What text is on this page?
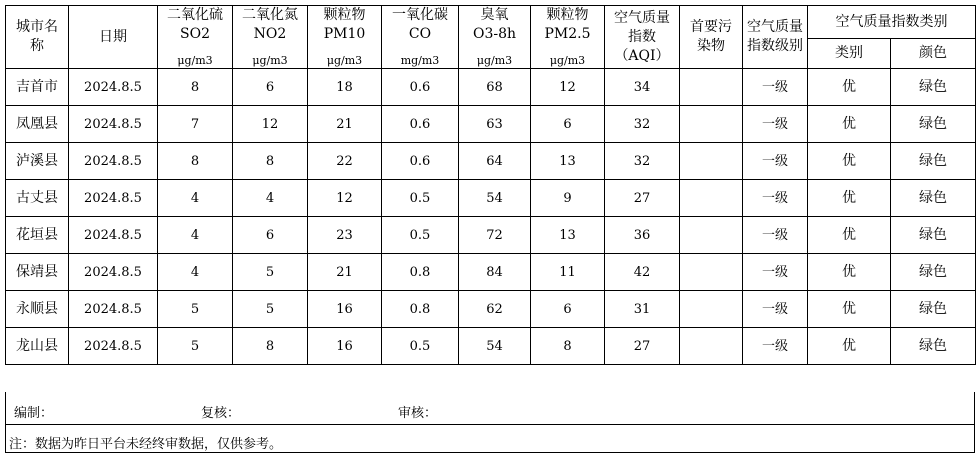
城市名称	日期	二氧化硫
SO2
μg/m3	二氧化氮
NO2
μg/m3	颗粒物
PM10
μg/m3	一氧化碳
CO
mg/m3	臭氧
O3-8h
μg/m3	颗粒物
PM2.5
μg/m3	空气质量
指数
（AQI）	首要污染物	空气质量指数级别	空气质量指数类别	
											类别	颜色
吉首市	2024.8.5	8	6	18	0.6	68	12	34		一级	优	绿色
凤凰县	2024.8.5	7	12	21	0.6	63	6	32		一级	优	绿色
泸溪县	2024.8.5	8	8	22	0.6	64	13	32		一级	优	绿色
古丈县	2024.8.5	4	4	12	0.5	54	9	27		一级	优	绿色
花垣县	2024.8.5	4	6	23	0.5	72	13	36		一级	优	绿色
保靖县	2024.8.5	4	5	21	0.8	84	11	42		一级	优	绿色
永顺县	2024.8.5	5	5	16	0.8	62	6	31		一级	优	绿色
龙山县	2024.8.5	5	8	16	0.5	54	8	27		一级	优	绿色
编制：	复核：	审核：
注：数据为昨日平台未经终审数据，仅供参考。
